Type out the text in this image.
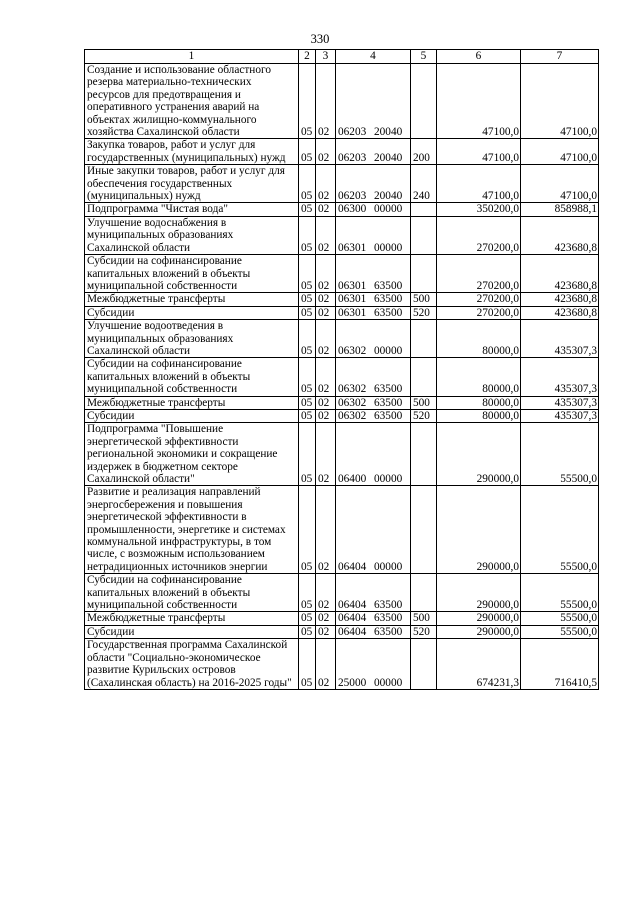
330
1	2	3	4	5	6	7
Создание и использование областного резерва материально-технических ресурсов для предотвращения и оперативного устранения аварий на объектах жилищно-коммунального хозяйства Сахалинской области	05	02	06203 20040		47100,0	47100,0
Закупка товаров, работ и услуг для государственных (муниципальных) нужд	05	02	06203 20040	200	47100,0	47100,0
Иные закупки товаров, работ и услуг для обеспечения государственных (муниципальных) нужд	05	02	06203 20040	240	47100,0	47100,0
Подпрограмма "Чистая вода"	05	02	06300 00000		350200,0	858988,1
Улучшение водоснабжения в муниципальных образованиях Сахалинской области	05	02	06301 00000		270200,0	423680,8
Субсидии на софинансирование капитальных вложений в объекты муниципальной собственности	05	02	06301 63500		270200,0	423680,8
Межбюджетные трансферты	05	02	06301 63500	500	270200,0	423680,8
Субсидии	05	02	06301 63500	520	270200,0	423680,8
Улучшение водоотведения в муниципальных образованиях Сахалинской области	05	02	06302 00000		80000,0	435307,3
Субсидии на софинансирование капитальных вложений в объекты муниципальной собственности	05	02	06302 63500		80000,0	435307,3
Межбюджетные трансферты	05	02	06302 63500	500	80000,0	435307,3
Субсидии	05	02	06302 63500	520	80000,0	435307,3
Подпрограмма "Повышение энергетической эффективности региональной экономики и сокращение издержек в бюджетном секторе Сахалинской области"	05	02	06400 00000		290000,0	55500,0
Развитие и реализация направлений энергосбережения и повышения энергетической эффективности в промышленности, энергетике и системах коммунальной инфраструктуры, в том числе, с возможным использованием нетрадиционных источников энергии	05	02	06404 00000		290000,0	55500,0
Субсидии на софинансирование капитальных вложений в объекты муниципальной собственности	05	02	06404 63500		290000,0	55500,0
Межбюджетные трансферты	05	02	06404 63500	500	290000,0	55500,0
Субсидии	05	02	06404 63500	520	290000,0	55500,0
Государственная программа Сахалинской области "Социально-экономическое развитие Курильских островов (Сахалинская область) на 2016-2025 годы"	05	02	25000 00000		674231,3	716410,5
